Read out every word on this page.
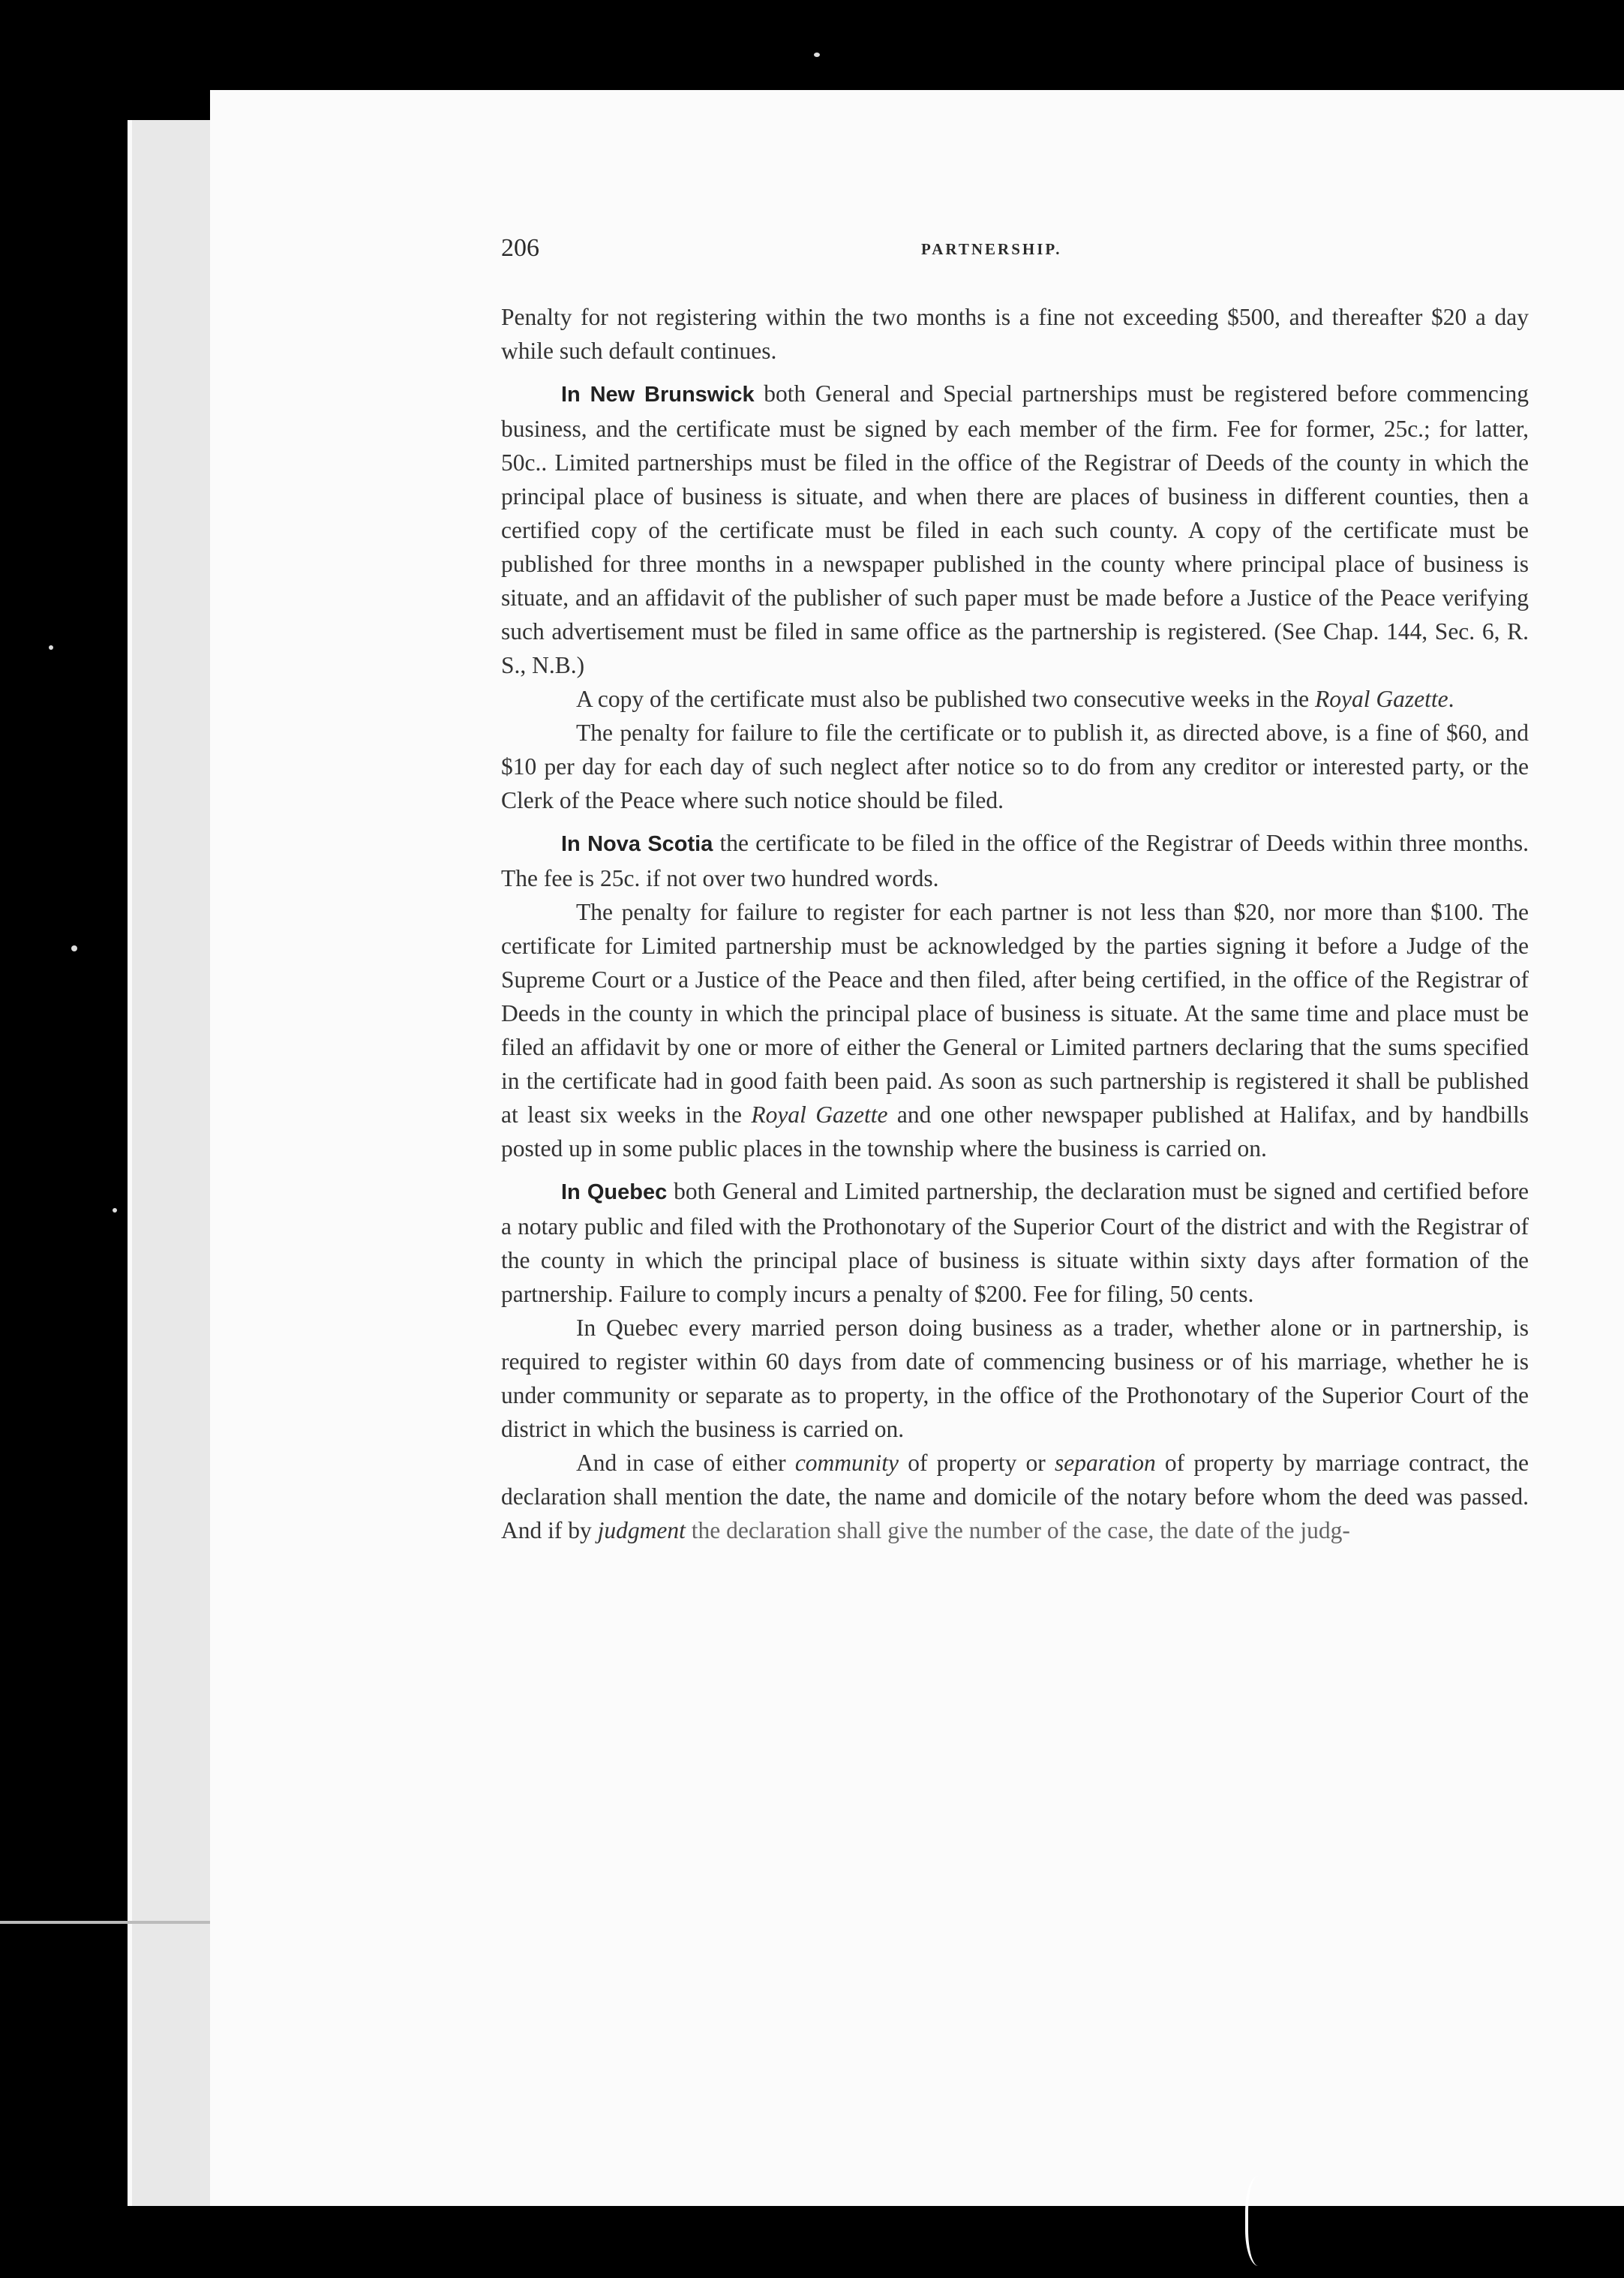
206	PARTNERSHIP.

Penalty for not registering within the two months is a fine not exceeding $500, and thereafter $20 a day while such default continues.

In New Brunswick both General and Special partnerships must be registered before commencing business, and the certificate must be signed by each member of the firm. Fee for former, 25c.; for latter, 50c.. Limited partnerships must be filed in the office of the Registrar of Deeds of the county in which the principal place of business is situate, and when there are places of business in different counties, then a certified copy of the certificate must be filed in each such county. A copy of the certificate must be published for three months in a newspaper published in the county where principal place of business is situate, and an affidavit of the publisher of such paper must be made before a Justice of the Peace verifying such advertisement must be filed in same office as the partnership is registered. (See Chap. 144, Sec. 6, R. S., N.B.)

A copy of the certificate must also be published two consecutive weeks in the Royal Gazette.

The penalty for failure to file the certificate or to publish it, as directed above, is a fine of $60, and $10 per day for each day of such neglect after notice so to do from any creditor or interested party, or the Clerk of the Peace where such notice should be filed.

In Nova Scotia the certificate to be filed in the office of the Registrar of Deeds within three months. The fee is 25c. if not over two hundred words.

The penalty for failure to register for each partner is not less than $20, nor more than $100. The certificate for Limited partnership must be acknowledged by the parties signing it before a Judge of the Supreme Court or a Justice of the Peace and then filed, after being certified, in the office of the Registrar of Deeds in the county in which the principal place of business is situate. At the same time and place must be filed an affidavit by one or more of either the General or Limited partners declaring that the sums specified in the certificate had in good faith been paid. As soon as such partnership is registered it shall be published at least six weeks in the Royal Gazette and one other newspaper published at Halifax, and by handbills posted up in some public places in the township where the business is carried on.

In Quebec both General and Limited partnership, the declaration must be signed and certified before a notary public and filed with the Prothonotary of the Superior Court of the district and with the Registrar of the county in which the principal place of business is situate within sixty days after formation of the partnership. Failure to comply incurs a penalty of $200. Fee for filing, 50 cents.

In Quebec every married person doing business as a trader, whether alone or in partnership, is required to register within 60 days from date of commencing business or of his marriage, whether he is under community or separate as to property, in the office of the Prothonotary of the Superior Court of the district in which the business is carried on.

And in case of either community of property or separation of property by marriage contract, the declaration shall mention the date, the name and domicile of the notary before whom the deed was passed. And if by judgment the declaration shall give the number of the case, the date of the judg-
